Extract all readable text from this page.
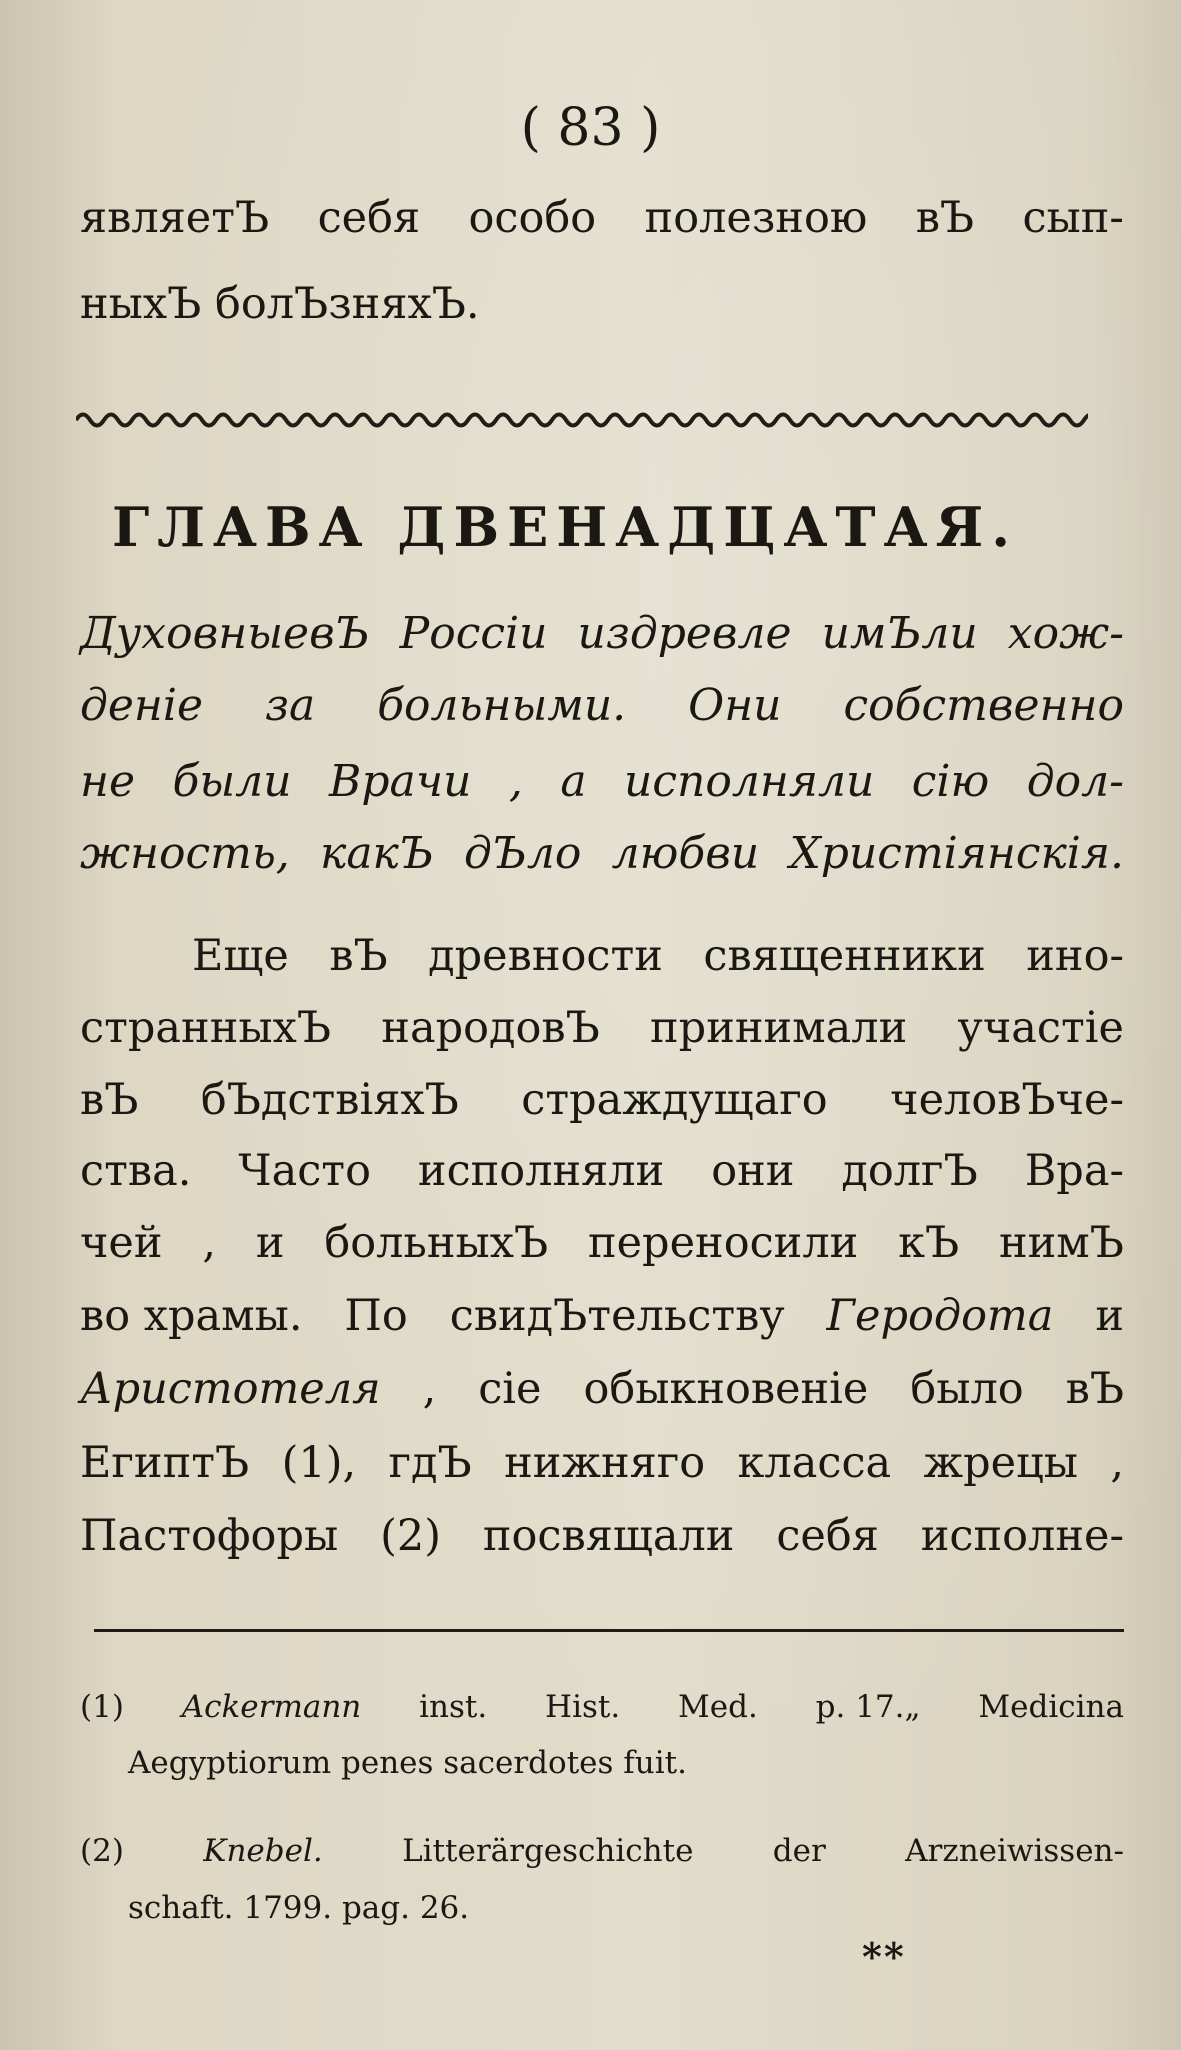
( 83 )
являетЪ себя особо полезною вЪ сып-
ныхЪ болЪзняхЪ.
ГЛАВА ДВЕНАДЦАТАЯ.
ДуховныевЪ Россіи издревле имЪли хож-
деніе за больными. Они собственно
не были Врачи , а исполняли сію дол-
жность, какЪ дЪло любви Христіянскія.
Еще вЪ древности священники ино-
странныхЪ народовЪ принимали участіе
вЪ бЪдствіяхЪ страждущаго человЪче-
ства. Часто исполняли они долгЪ Вра-
чей , и больныхЪ переносили кЪ нимЪ
во храмы. По свидЪтельству Геродота и
Аристотеля , сіе обыкновеніе было вЪ
ЕгиптЪ (1), гдЪ нижняго класса жрецы ,
Пастофоры (2) посвящали себя исполне-
(1) Ackermann inst. Hist. Med. p. 17.„ Medicina
Aegyptiorum penes sacerdotes fuit.
(2)	Knebel.	Litterärgeschichte	der	Arzneiwissen-
schaft. 1799. pag. 26.
**
